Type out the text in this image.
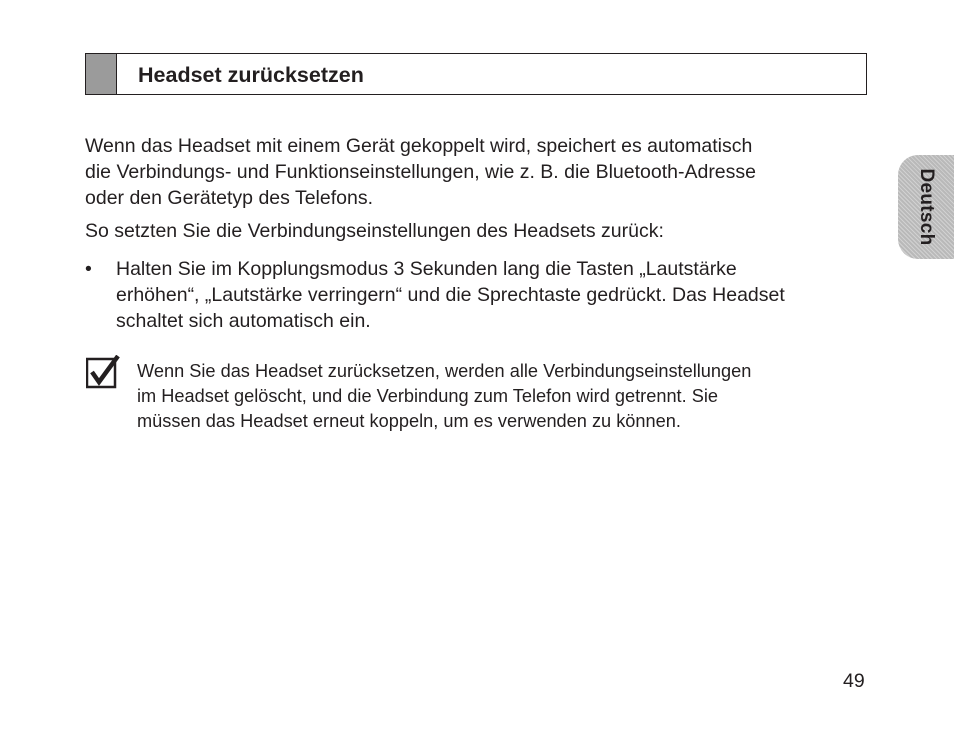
Headset zurücksetzen

Wenn das Headset mit einem Gerät gekoppelt wird, speichert es automatisch

die Verbindungs- und Funktionseinstellungen, wie z. B. die Bluetooth-Adresse

oder den Gerätetyp des Telefons.

So setzten Sie die Verbindungseinstellungen des Headsets zurück:

• Halten Sie im Kopplungsmodus 3 Sekunden lang die Tasten „Lautstärke
erhöhen“, „Lautstärke verringern“ und die Sprechtaste gedrückt. Das Headset
schaltet sich automatisch ein.
Wenn Sie das Headset zurücksetzen, werden alle Verbindungseinstellungen
im Headset gelöscht, und die Verbindung zum Telefon wird getrennt. Sie
müssen das Headset erneut koppeln, um es verwenden zu können.
Deutsch
49
